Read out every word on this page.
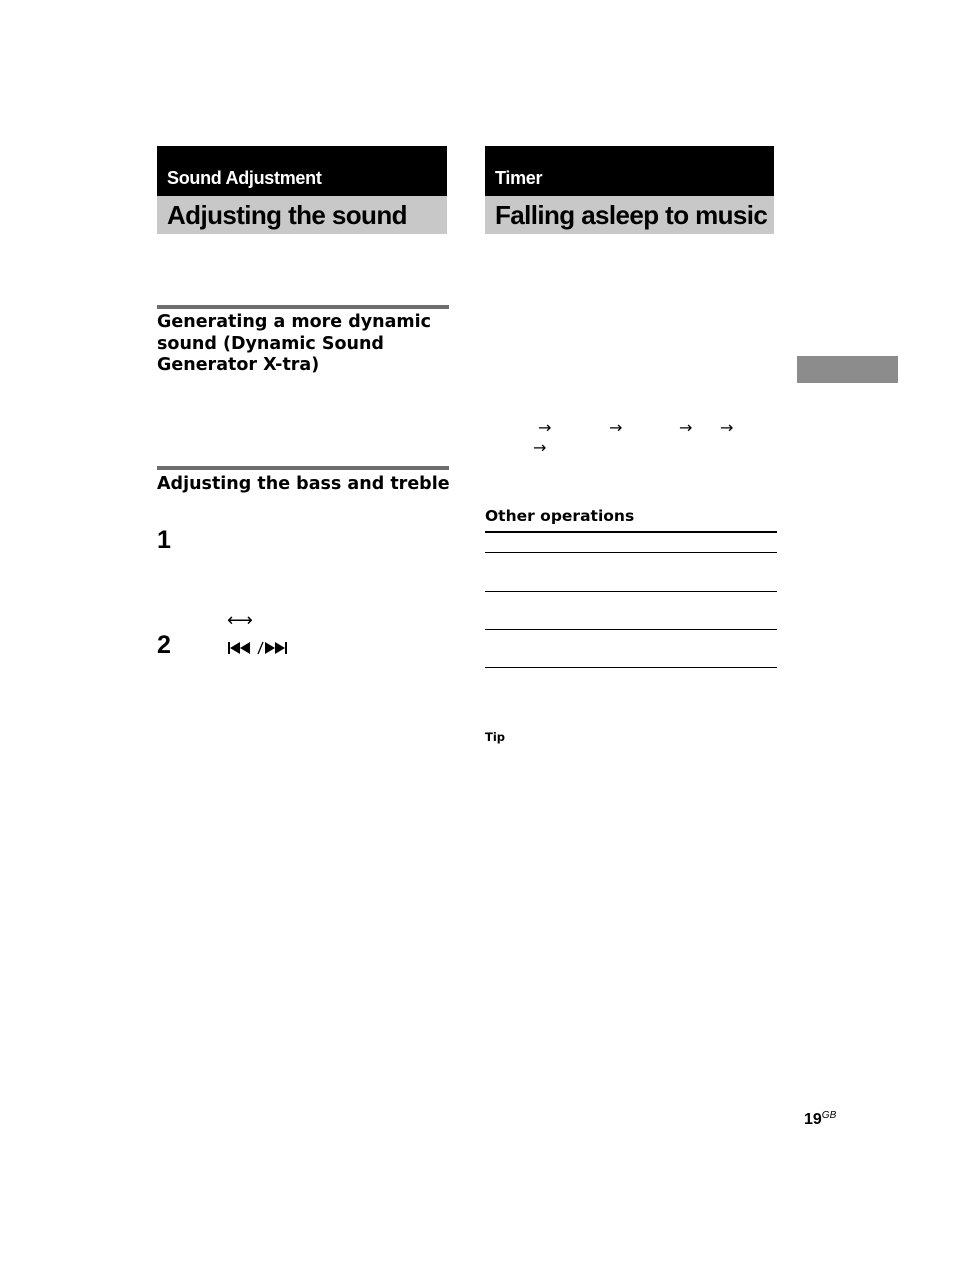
Sound Adjustment
Adjusting the sound
Generating a more dynamic sound (Dynamic Sound Generator X-tra)
Adjusting the bass and treble
1
⟷
2
Timer
Falling asleep to music
→	→	→ →
→
Other operations
Tip
$19^{GB}$
